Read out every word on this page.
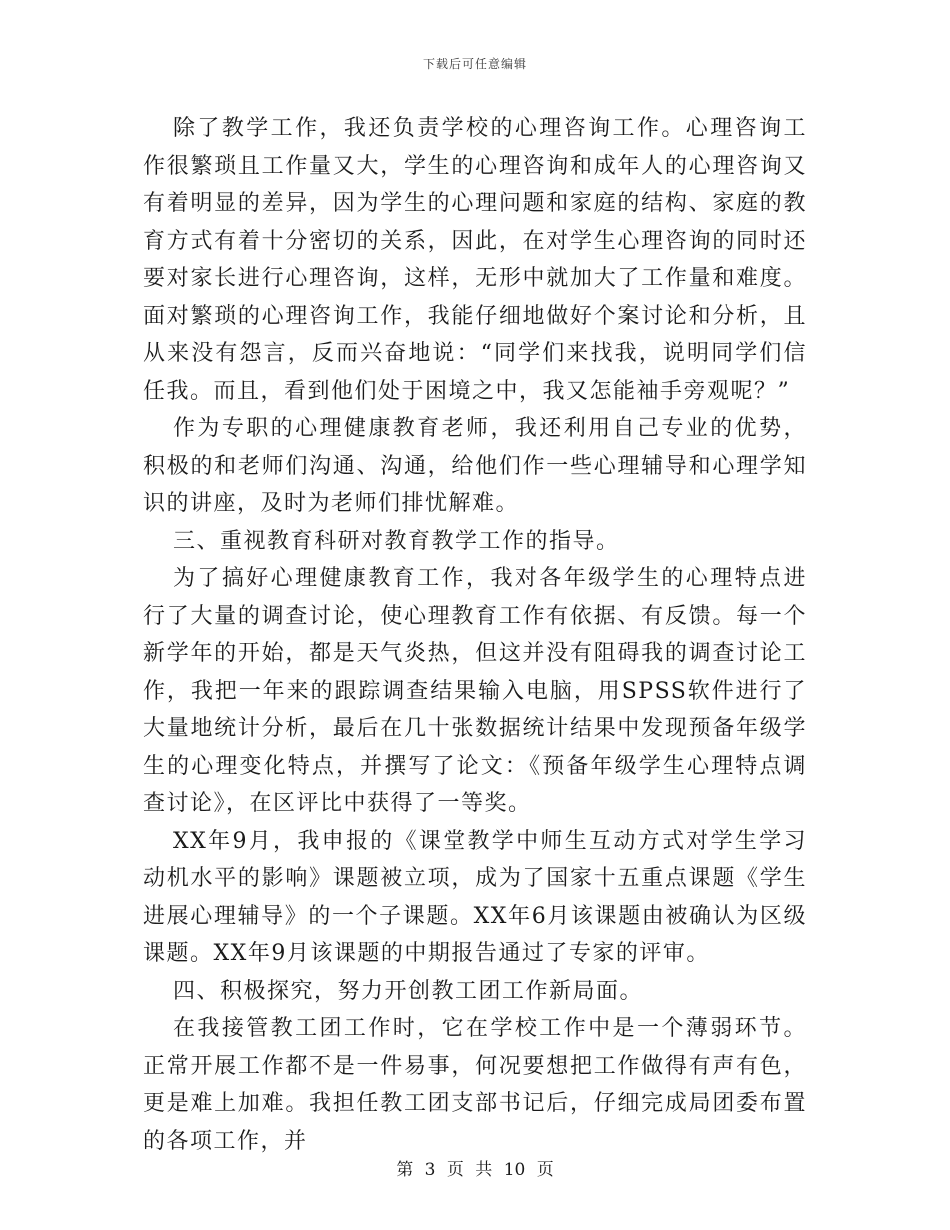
下载后可任意编辑

除了教学工作，我还负责学校的心理咨询工作。心理咨询工作很繁琐且工作量又大，学生的心理咨询和成年人的心理咨询又有着明显的差异，因为学生的心理问题和家庭的结构、家庭的教育方式有着十分密切的关系，因此，在对学生心理咨询的同时还要对家长进行心理咨询，这样，无形中就加大了工作量和难度。面对繁琐的心理咨询工作，我能仔细地做好个案讨论和分析，且从来没有怨言，反而兴奋地说：“同学们来找我，说明同学们信任我。而且，看到他们处于困境之中，我又怎能袖手旁观呢？”

作为专职的心理健康教育老师，我还利用自己专业的优势，积极的和老师们沟通、沟通，给他们作一些心理辅导和心理学知识的讲座，及时为老师们排忧解难。

三、重视教育科研对教育教学工作的指导。

为了搞好心理健康教育工作，我对各年级学生的心理特点进行了大量的调查讨论，使心理教育工作有依据、有反馈。每一个新学年的开始，都是天气炎热，但这并没有阻碍我的调查讨论工作，我把一年来的跟踪调查结果输入电脑，用SPSS软件进行了大量地统计分析，最后在几十张数据统计结果中发现预备年级学生的心理变化特点，并撰写了论文：《预备年级学生心理特点调查讨论》，在区评比中获得了一等奖。

XX年9月，我申报的《课堂教学中师生互动方式对学生学习动机水平的影响》课题被立项，成为了国家十五重点课题《学生进展心理辅导》的一个子课题。XX年6月该课题由被确认为区级课题。XX年9月该课题的中期报告通过了专家的评审。

四、积极探究，努力开创教工团工作新局面。

在我接管教工团工作时，它在学校工作中是一个薄弱环节。正常开展工作都不是一件易事，何况要想把工作做得有声有色，更是难上加难。我担任教工团支部书记后，仔细完成局团委布置的各项工作，并

第 3 页 共 10 页
